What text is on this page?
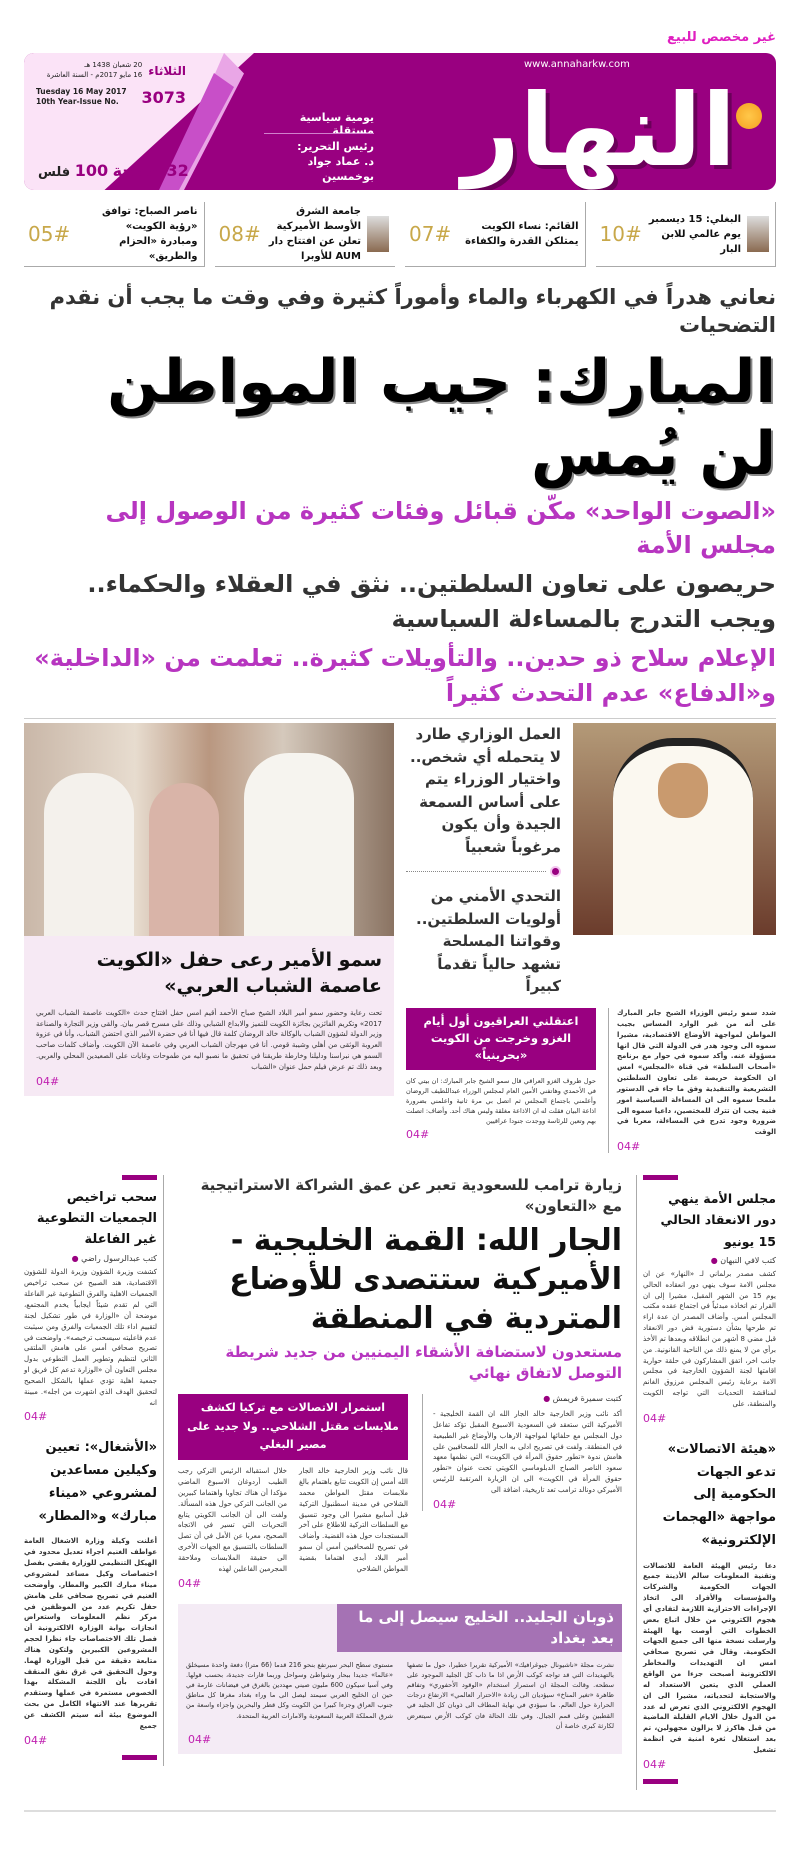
غير مخصص للبيع
النهار
www.annaharkw.com
يومية سياسية مستقلة
رئيس التحرير:
د. عماد جواد بوخمسين
20 شعبان 1438 هـ
16 مايو 2017م - السنة العاشرة الثلاثاء
Tuesday 16 May 2017
10th Year-Issue No.	3073
32 صفحة 100 فلس
البغلي: 15 ديسمبر
يوم عالمي للابن البار
10#
القائم: نساء الكويت
يمتلكن القدرة والكفاءة
07#
جامعة الشرق الأوسط الأميركية
تعلن عن افتتاح دار AUM للأوبرا
08#
ناصر الصباح: توافق «رؤية الكويت»
ومبادرة «الحزام والطريق»
05#
نعاني هدراً في الكهرباء والماء وأموراً كثيرة وفي وقت ما يجب أن نقدم التضحيات
المبارك: جيب المواطن لن يُمس
«الصوت الواحد» مكّن قبائل وفئات كثيرة من الوصول إلى مجلس الأمة
حريصون على تعاون السلطتين.. نثق في العقلاء والحكماء.. ويجب التدرج بالمساءلة السياسية
الإعلام سلاح ذو حدين.. والتأويلات كثيرة.. تعلمت من «الداخلية» و«الدفاع» عدم التحدث كثيراً
سمو الأمير رعى حفل «الكويت عاصمة الشباب العربي»
تحت رعاية وحضور سمو أمير البلاد الشيخ صباح الأحمد أقيم امس حفل افتتاح حدث «الكويت عاصمة الشباب العربي 2017» وتكريم الفائزين بجائزة الكويت للتميز والابداع الشبابي وذلك على مسرح قصر بيان. والقى وزير التجارة والصناعة وزير الدولة لشؤون الشباب بالوكالة خالد الروضان كلمة قال فيها أنا في حضرة الأمير الذي احتضن الشباب، وأنا في عزوة العروبة الوثقى من أهلي وشيبة قومي. أنا في مهرجان الشباب العربي وفي عاصمة الآن الكويت. وأضاف كلمات صاحب السمو هي نبراسنا ودليلنا وخارطة طريقنا في تحقيق ما نصبو اليه من طموحات وغايات على الصعيدين المحلي والعربي. وبعد ذلك تم عرض فيلم حمل عنوان «الشباب
04#
العمل الوزاري طارد لا يتحمله أي شخص.. واختيار الوزراء يتم على أساس السمعة الجيدة وأن يكون مرغوباً شعبياً
التحدي الأمني من أولويات السلطتين.. وقواتنا المسلحة تشهد حالياً تقدماً كبيراً
اعتقلني العراقيون أول أيام الغزو وخرجت من الكويت «بحرينياً»
حول ظروف الغزو العراقي قال سمو الشيخ جابر المبارك: ان بيتي كان في الأحمدي وهاتفني الأمين العام لمجلس الوزراء عبداللطيف الروضان وأعلمني باجتماع المجلس ثم اتصل بي مرة ثانية واعلمني بضرورة اذاعة البيان فقلت له ان الاذاعة مغلقة وليس هناك أحد. وأضاف: اتصلت بهم وتعين للرئاسة ووجدت جنودا عراقيين
04#
شدد سمو رئيس الوزراء الشيخ جابر المبارك على أنه من غير الوارد المساس بجيب المواطن لمواجهة الأوضاع الاقتصادية، مشيرا سموه الى وجود هدر في الدولة التي قال انها مسؤولة عنه. وأكد سموه في حوار مع برنامج «أصحاب السلطة» في قناة «المجلس» امس ان الحكومة حريصة على تعاون السلطتين التشريعية والتنفيذية وفق ما جاء في الدستور ملمحا سموه الى ان المساءلة السياسية امور فنية يجب ان تترك للمختصين، داعيا سموه الى ضرورة وجود تدرج في المساءلة، معربا في الوقت
04#
سحب تراخيص الجمعيات التطوعية غير الفاعلة
كتب عبدالرسول راضي ●
كشفت وزيرة الشؤون وزيرة الدولة للشؤون الاقتصادية، هند الصبيح عن سحب تراخيص الجمعيات الاهلية والفرق التطوعية غير الفاعلة التي لم تقدم شيئاً ايجابياً يخدم المجتمع، موضحة أن «الوزارة في طور تشكيل لجنة لتقييم اداء تلك الجمعيات والفرق ومن سيثبت عدم فاعليته سيسحب ترخيصه». واوضحت في تصريح صحافي أمس على هامش الملتقى الثاني لتنظيم وتطوير العمل التطوعي بدول مجلس التعاون أن «الوزارة تدعم كل فريق او جمعية اهلية تؤدي عملها بالشكل الصحيح لتحقيق الهدف الذي اشهرت من اجله». مبينة انه
04#
«الأشغال»: تعيين وكيلين مساعدين لمشروعي «ميناء مبارك» و«المطار»
أعلنت وكيلة وزارة الاشغال العامة عواطف الغنيم اجراء تعديل محدود في الهيكل التنظيمي للوزارة يقضي بفصل اختصاصات وكيل مساعد لمشروعي ميناء مبارك الكبير والمطار. وأوضحت الغنيم في تصريح صحافي على هامش حفل تكريم عدد من الموظفين في مركز نظم المعلومات واستعراض انجازات بوابة الوزارة الالكترونية أن فصل تلك الاختصاصات جاء نظرا لحجم المشروعين الكبيرين ولتكون هناك متابعة دقيقة من قبل الوزارة لهما. وحول التحقيق في غرق نفق المنقف افادت بأن اللجنة المشكلة بهذا الخصوص مستمرة في عملها وستقدم تقريرها عند الانتهاء الكامل من بحث الموضوع بيئة أنه سيتم الكشف عن جميع
04#
زيارة ترامب للسعودية تعبر عن عمق الشراكة الاستراتيجية مع «التعاون»
الجار الله: القمة الخليجية - الأميركية ستتصدى للأوضاع المتردية في المنطقة
مستعدون لاستضافة الأشقاء اليمنيين من جديد شريطة التوصل لاتفاق نهائي
استمرار الاتصالات مع تركيا لكشف ملابسات مقتل الشلاحي.. ولا جديد على مصير البغلي
قال نائب وزير الخارجية خالد الجار الله أمس إن الكويت تتابع باهتمام بالغ ملابسات مقتل المواطن محمد الشلاحي في مدينة اسطنبول التركية قبل أسابيع مشيرا الى وجود تنسيق مع السلطات التركية للاطلاع على آخر المستجدات حول هذه القضية. وأضاف في تصريح للصحافيين أمس أن سمو أمير البلاد أبدى اهتماما بقضية المواطن الشلاحي
خلال استقباله الرئيس التركي رجب الطيب أردوغان الاسبوع الماضي مؤكدا أن هناك تجاوبا واهتماما كبيرين من الجانب التركي حول هذه المسألة. ولفت الى أن الجانب الكويتي يتابع التحريات التي تسير في الاتجاه الصحيح، معربا عن الأمل في أن تصل السلطات بالتنسيق مع الجهات الأخرى الى حقيقة الملابسات وملاحقة المجرمين الفاعلين لهذه
04#
كتبت سميرة فريمش ●
أكد نائب وزير الخارجية خالد الجار الله ان القمة الخليجية - الأميركية التي ستعقد في السعودية الاسبوع المقبل تؤكد تفاعل دول المجلس مع حلفائها لمواجهة الارهاب والأوضاع غير الطبيعية في المنطقة. ولفت في تصريح ادلى به الجار الله للصحافيين على هامش ندوة «تطور حقوق المرأة في الكويت» التي نظمها معهد سعود الناصر الصباح الدبلوماسي الكويتي تحت عنوان «تطور حقوق المرأة في الكويت» الى ان الزيارة المرتقبة للرئيس الأميركي دونالد ترامب تعد تاريخية، اضافة الى
04#
ذوبان الجليد.. الخليج سيصل إلى ما بعد بغداد
نشرت مجلة «ناشيونال جيوغرافيك» الأميركية تقريرا خطيرا، حول ما تصفها بالتهديدات التي قد تواجه كوكب الأرض اذا ما ذاب كل الجليد الموجود على سطحه. وقالت المجلة ان استمرار استخدام «الوقود الأحفوري» وتفاقم ظاهرة «تغير المناخ» سيؤديان الى زيادة «الاحترار العالمي» الارتفاع درجات الحرارة حول العالم. ما سيؤدي في نهاية المطاف الى ذوبان كل الجليد في القطبين وعلى قمم الجبال. وفي تلك الحالة فان كوكب الأرض سيتعرض لكارثة كبرى خاصة أن
مستوى سطح البحر سيرتفع بنحو 216 قدما (66 مترا) دفعة واحدة مسيخلق «عالما» جديدا ببحار وشواطئ وسواحل وربما قارات جديدة، بحسب قولها. وفي آسيا سيكون 600 مليون صيني مهددين بالغرق في فيضانات عارمة في حين ان الخليج العربي سيمتد ليصل الى ما وراء بغداد مغرقا كل مناطق جنوب العراق وجزءا كبيرا من الكويت وكل قطر والبحرين واجزاء واسعة من شرق المملكة العربية السعودية والامارات العربية المتحدة.
04#
مجلس الأمة ينهي دور الانعقاد الحالي 15 يونيو
كتب لافي النبهان ●
كشف مصدر برلماني لـ «النهار» عن ان مجلس الامة سوف ينهي دور انعقاده الحالي يوم 15 من الشهر المقبل، مشيرا إلى ان القرار تم اتخاذه مبدئياً في اجتماع عقده مكتب المجلس أمس. وأضاف المصدر ان عدة اراء تم طرحها بشأن دستورية فض دور الانعقاد قبل مضي 8 أشهر من انطلاقه وبعدها تم الأخذ برأي من لا يمنع ذلك من الناحية القانونية. من جانب اخر، اتفق المشاركون في حلقة حوارية اقامتها لجنة الشؤون الخارجية في مجلس الامة برعاية رئيس المجلس مرزوق الغانم لمناقشة التحديات التي تواجه الكويت والمنطقة، على
04#
«هيئة الاتصالات» تدعو الجهات الحكومية إلى مواجهة «الهجمات الإلكترونية»
دعا رئيس الهيئة العامة للاتصالات وتقنية المعلومات سالم الأذينة جميع الجهات الحكومية والشركات والمؤسسات والأفراد الى اتخاذ الإجراءات الاحترازية اللازمة لتفادي أي هجوم الكتروني من خلال اتباع بعض الخطوات التي أوصت بها الهيئة وارسلت نسخة منها الى جميع الجهات الحكومية. وقال في تصريح صحافي امس ان التهديدات والمخاطر الالكترونية أصبحت جزءا من الواقع العملي الذي يتعين الاستعداد له والاستجابة لتحدياته، مشيرا الى ان الهجوم الالكتروني الذي تعرض له عدد من الدول خلال الايام القليلة الماضية من قبل هاكرز لا يزالون مجهولين، تم بعد استغلال ثغرة امنية في انظمة تشغيل
04#
